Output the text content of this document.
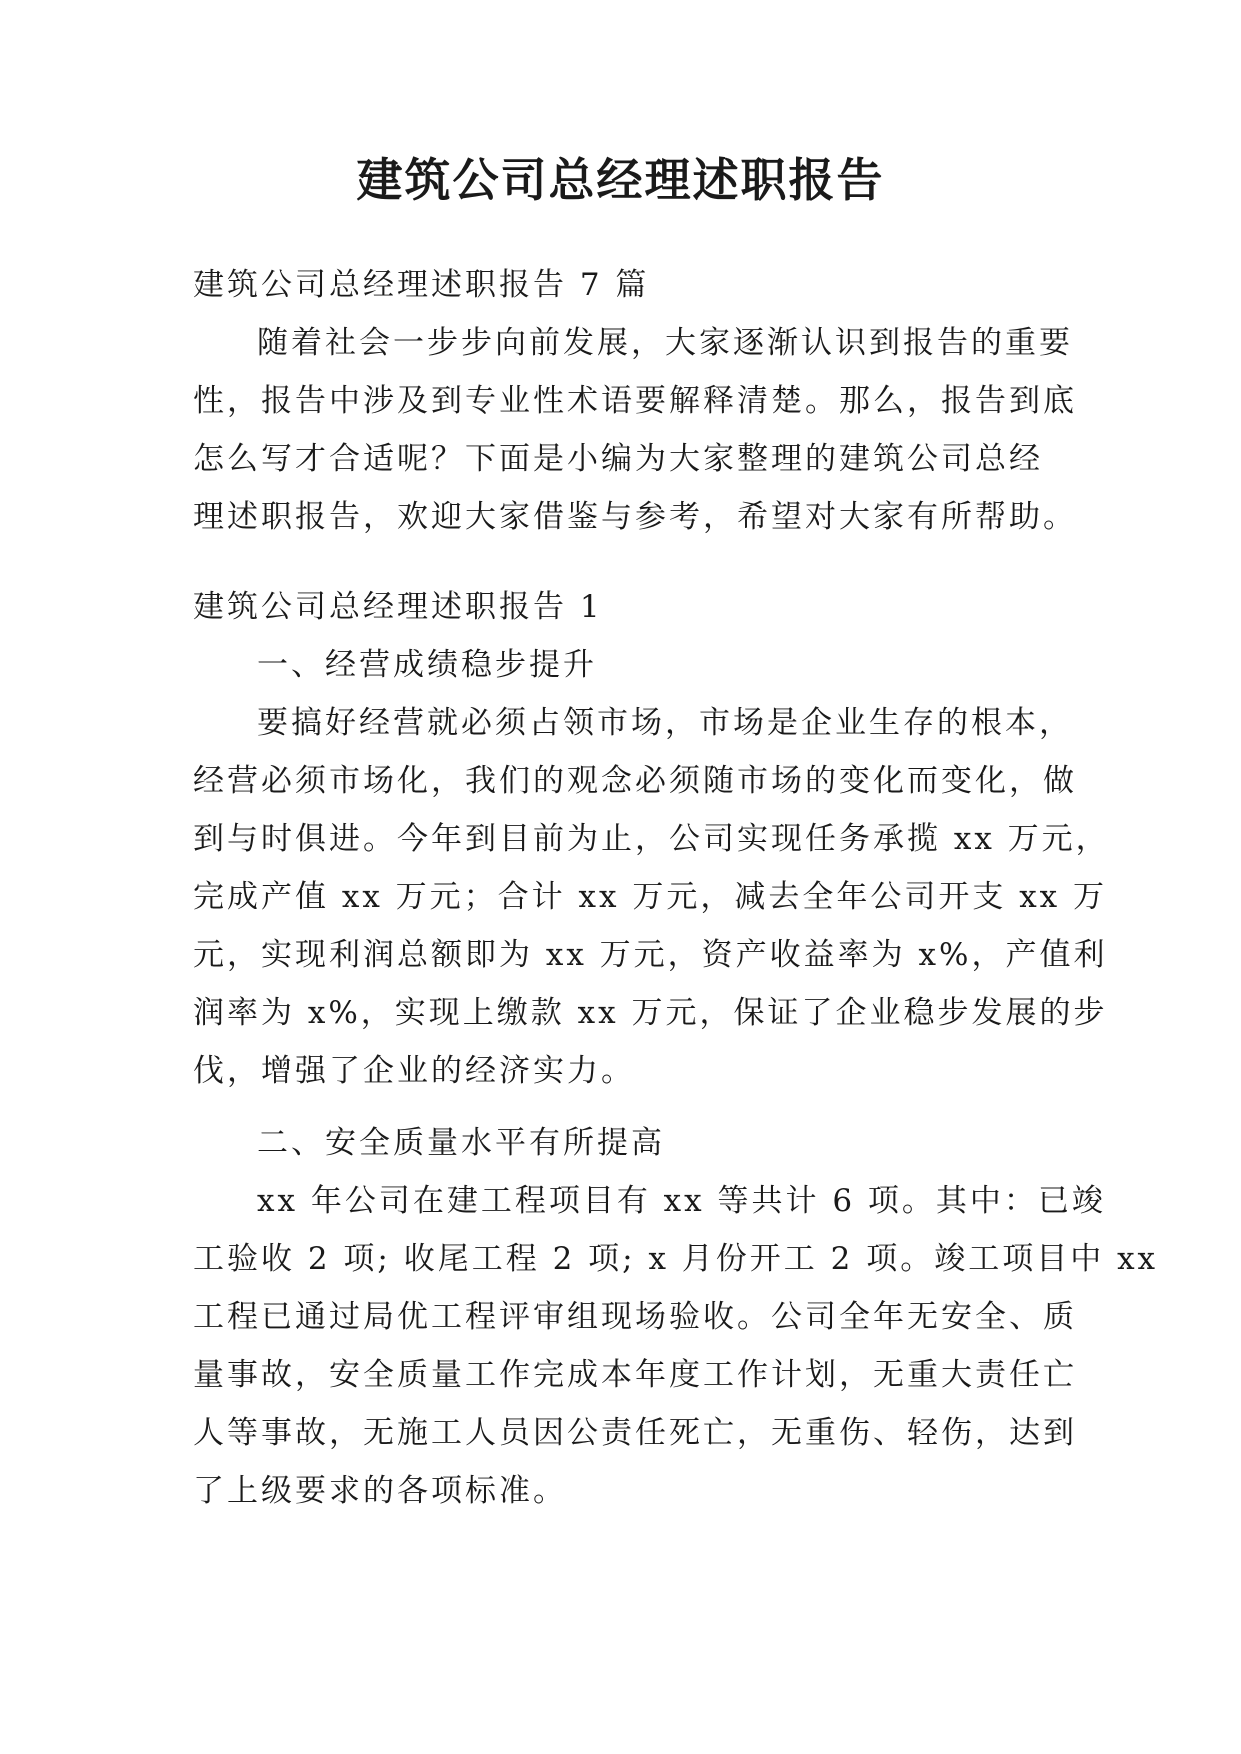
建筑公司总经理述职报告

建筑公司总经理述职报告 7 篇

随着社会一步步向前发展，大家逐渐认识到报告的重要
性，报告中涉及到专业性术语要解释清楚。那么，报告到底
怎么写才合适呢？下面是小编为大家整理的建筑公司总经
理述职报告，欢迎大家借鉴与参考，希望对大家有所帮助。

建筑公司总经理述职报告 1

一、经营成绩稳步提升

要搞好经营就必须占领市场，市场是企业生存的根本，
经营必须市场化，我们的观念必须随市场的变化而变化，做
到与时俱进。今年到目前为止，公司实现任务承揽 xx 万元，
完成产值 xx 万元；合计 xx 万元，减去全年公司开支 xx 万
元，实现利润总额即为 xx 万元，资产收益率为 x%，产值利
润率为 x%，实现上缴款 xx 万元，保证了企业稳步发展的步
伐，增强了企业的经济实力。

二、安全质量水平有所提高

xx 年公司在建工程项目有 xx 等共计 6 项。其中：已竣
工验收 2 项; 收尾工程 2 项; x 月份开工 2 项。竣工项目中 xx
工程已通过局优工程评审组现场验收。公司全年无安全、质
量事故，安全质量工作完成本年度工作计划，无重大责任亡
人等事故，无施工人员因公责任死亡，无重伤、轻伤，达到
了上级要求的各项标准。
